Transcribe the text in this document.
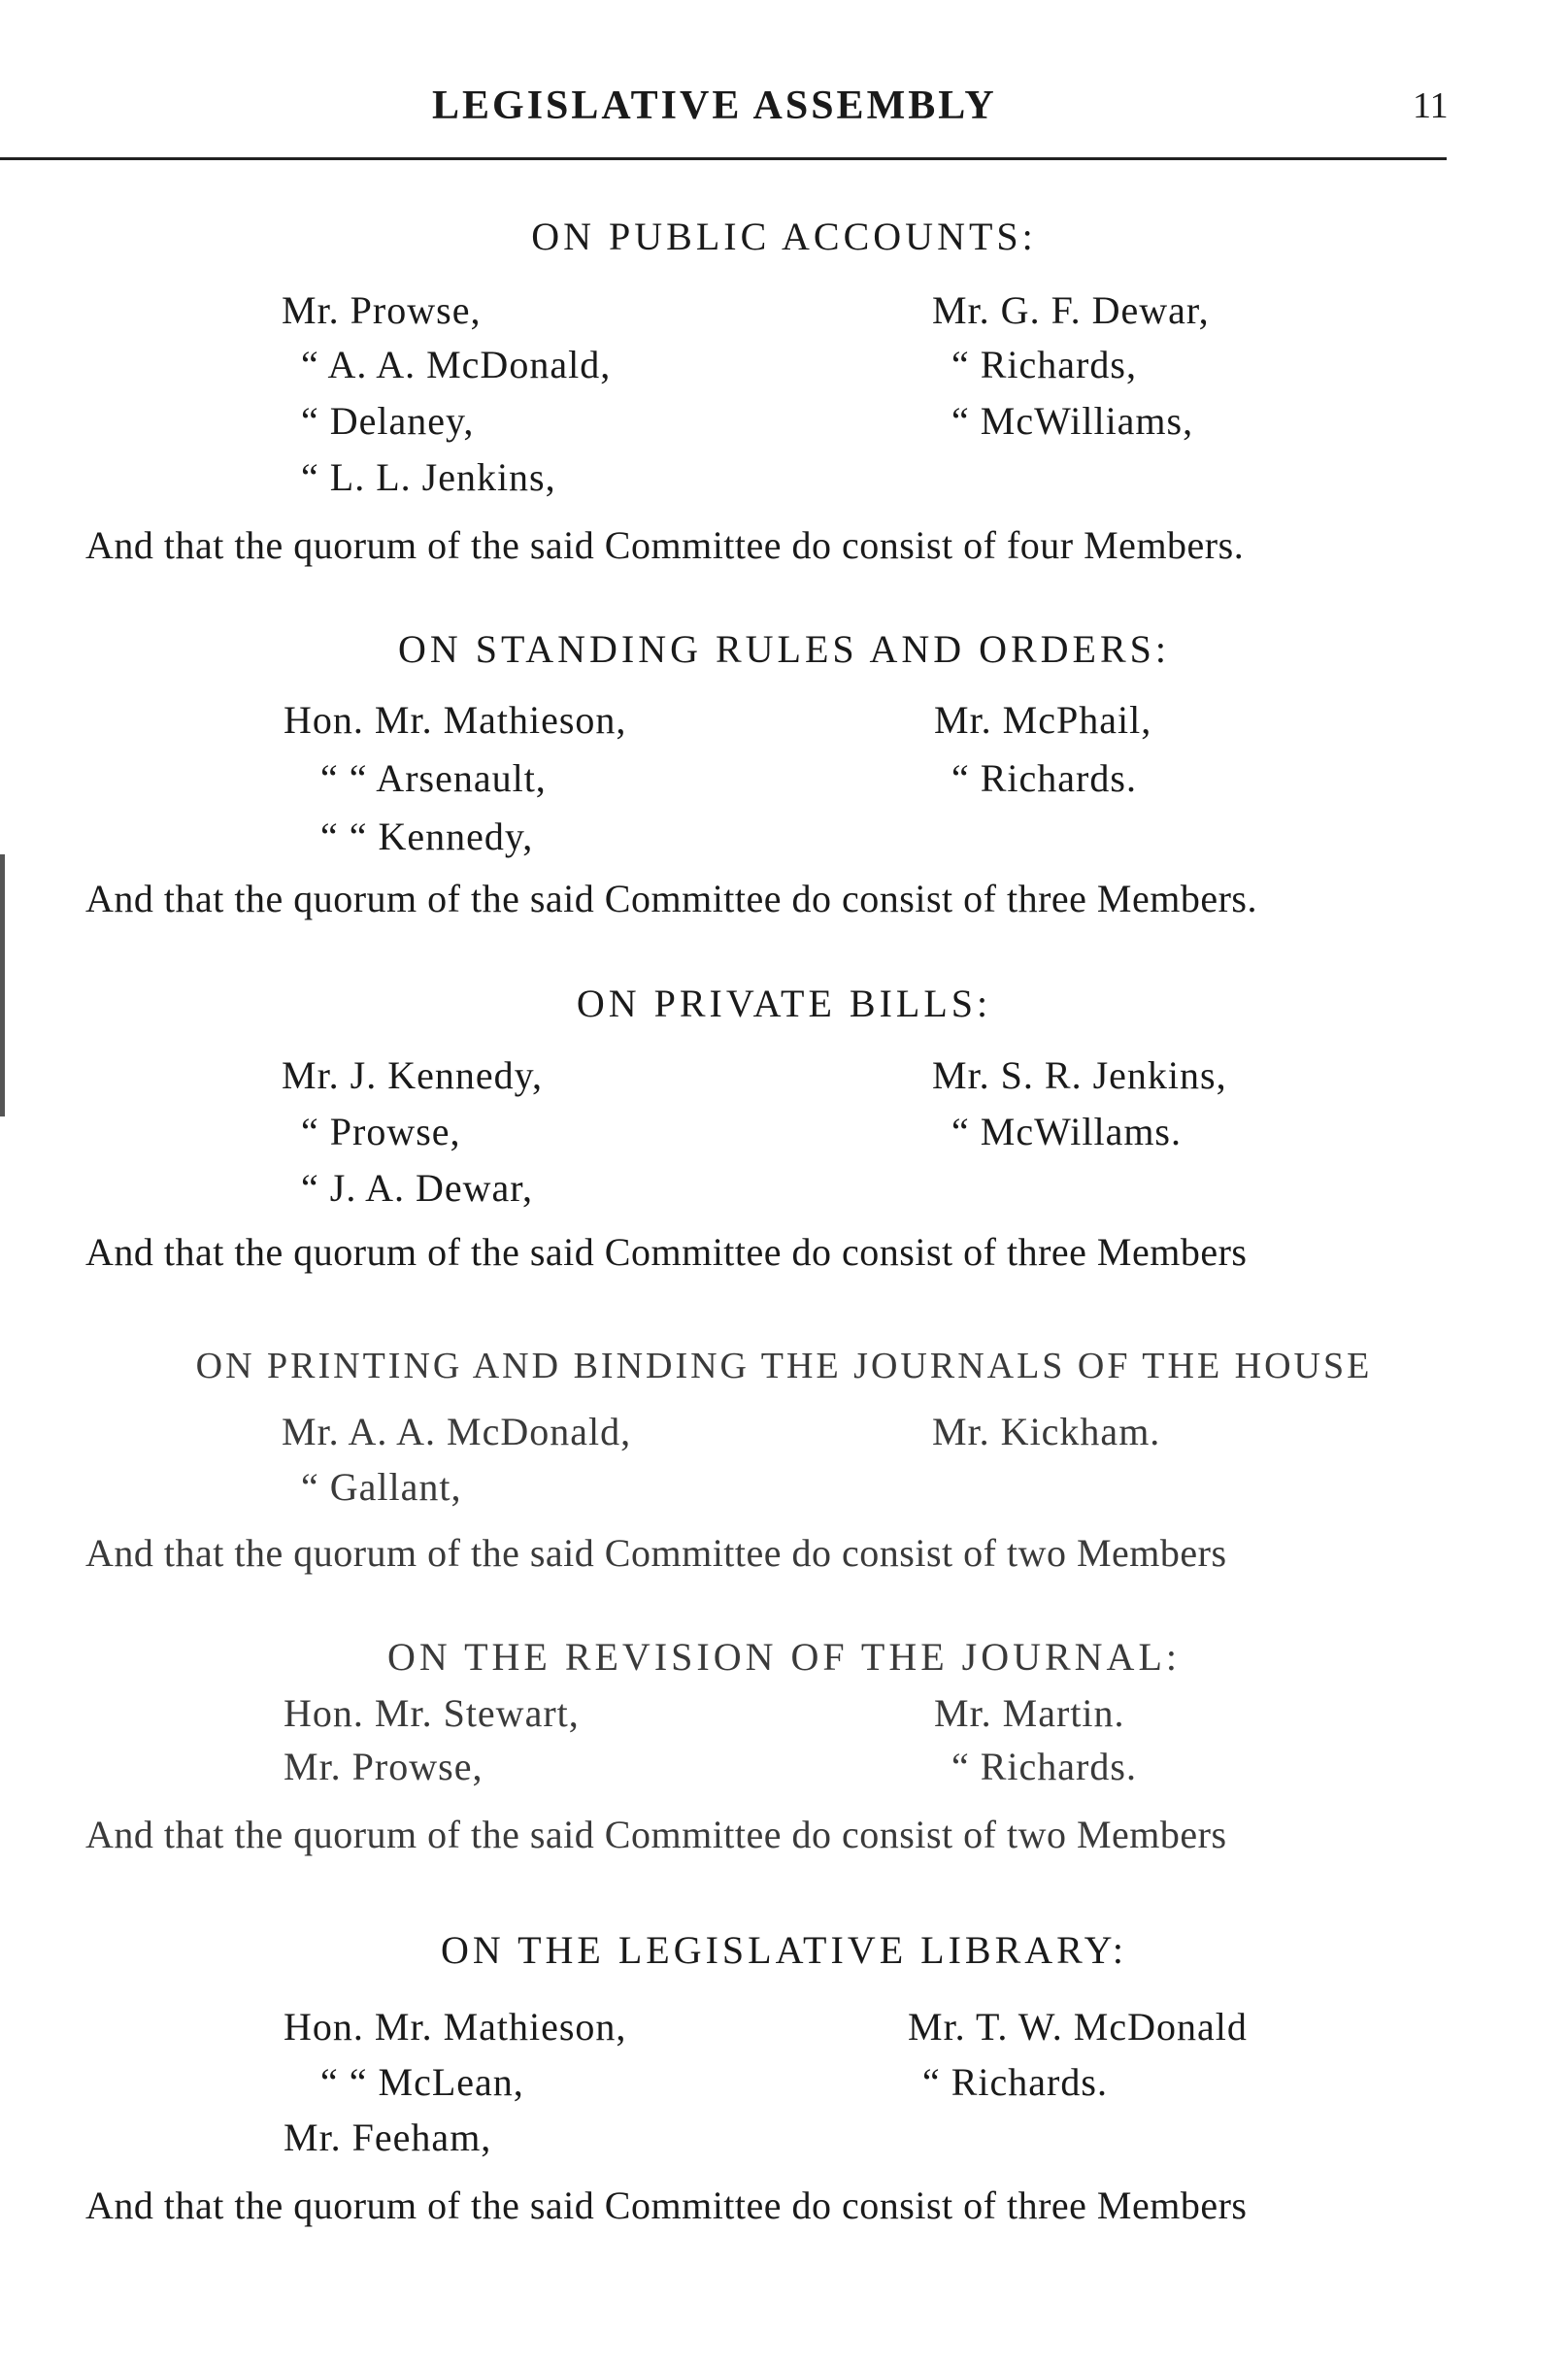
LEGISLATIVE ASSEMBLY	11
ON PUBLIC ACCOUNTS:
Mr. Prowse,
“ A. A. McDonald,
“ Delaney,
“ L. L. Jenkins,
Mr. G. F. Dewar,
“ Richards,
“ McWilliams,
And that the quorum of the said Committee do consist of four Members.
ON STANDING RULES AND ORDERS:
Hon. Mr. Mathieson,
“ “ Arsenault,
“ “ Kennedy,
Mr. McPhail,
“ Richards.
And that the quorum of the said Committee do consist of three Members.
ON PRIVATE BILLS:
Mr. J. Kennedy,
“ Prowse,
“ J. A. Dewar,
Mr. S. R. Jenkins,
“ McWillams.
And that the quorum of the said Committee do consist of three Members
ON PRINTING AND BINDING THE JOURNALS OF THE HOUSE
Mr. A. A. McDonald,
“ Gallant,
Mr. Kickham.
And that the quorum of the said Committee do consist of two Members
ON THE REVISION OF THE JOURNAL:
Hon. Mr. Stewart,
Mr. Prowse,
Mr. Martin.
“ Richards.
And that the quorum of the said Committee do consist of two Members
ON THE LEGISLATIVE LIBRARY:
Hon. Mr. Mathieson,
“ “ McLean,
Mr. Feeham,
Mr. T. W. McDonald
“ Richards.
And that the quorum of the said Committee do consist of three Members
